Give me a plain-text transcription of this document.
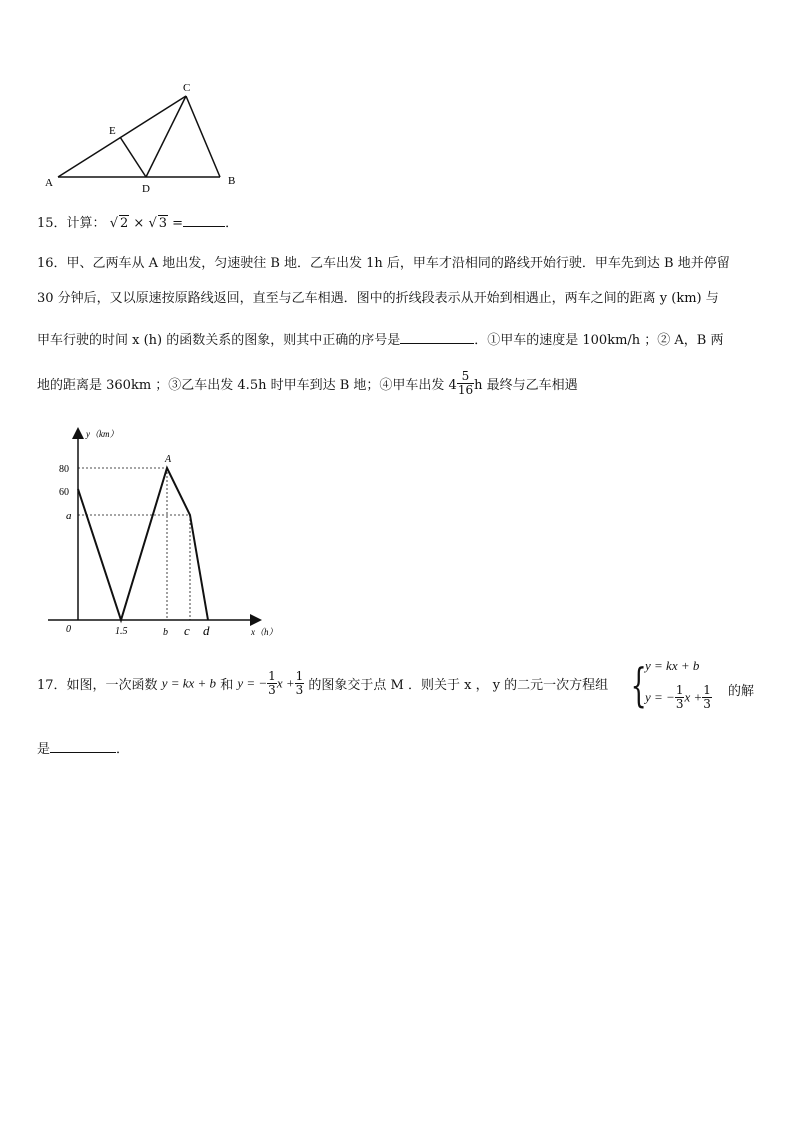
A	B
C
D
E
15．计算： √ 2 × √ 3 =	．
16．甲、乙两车从 A 地出发，匀速驶往 B 地．乙车出发 1h 后，甲车才沿相同的路线开始行驶．甲车先到达 B 地并停留
30 分钟后，又以原速按原路线返回，直至与乙车相遇．图中的折线段表示从开始到相遇止，两车之间的距离 y (km) 与
甲车行驶的时间 x (h) 的函数关系的图象，则其中正确的序号是	．①甲车的速度是 100km/h ；② A，B 两
地的距离是 360km ；③乙车出发 4.5h 时甲车到达 B 地；④甲车出发 $4 \frac{5}{16}$ h 最终与乙车相遇
y（km）
x（h）
80
60
a
0	1.5	b c d
A
17．如图，一次函数 y = kx + b 和 y = − $\frac{1}{3}$ $x + \frac{1}{3}$ 的图象交于点 M ．则关于 x ， y 的二元一次方程组 {
y = kx + b
y = − $\frac{1}{3}$ $x + \frac{1}{3}$ 的解
是	．
